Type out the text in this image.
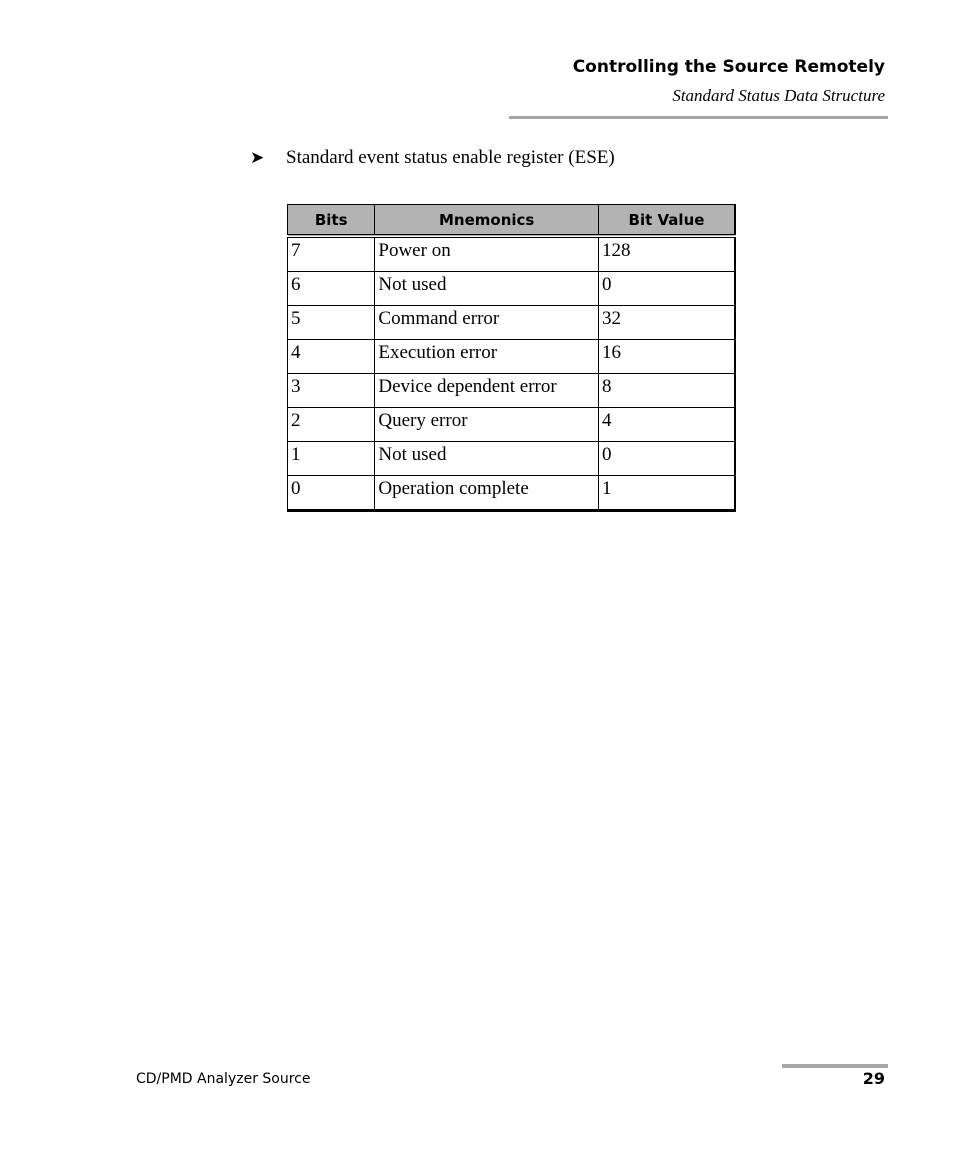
Controlling the Source Remotely
Standard Status Data Structure
➤ Standard event status enable register (ESE)
Bits	Mnemonics	Bit Value
7	Power on	128
6	Not used	0
5	Command error	32
4	Execution error	16
3	Device dependent error	8
2	Query error	4
1	Not used	0
0	Operation complete	1
CD/PMD Analyzer Source	29
